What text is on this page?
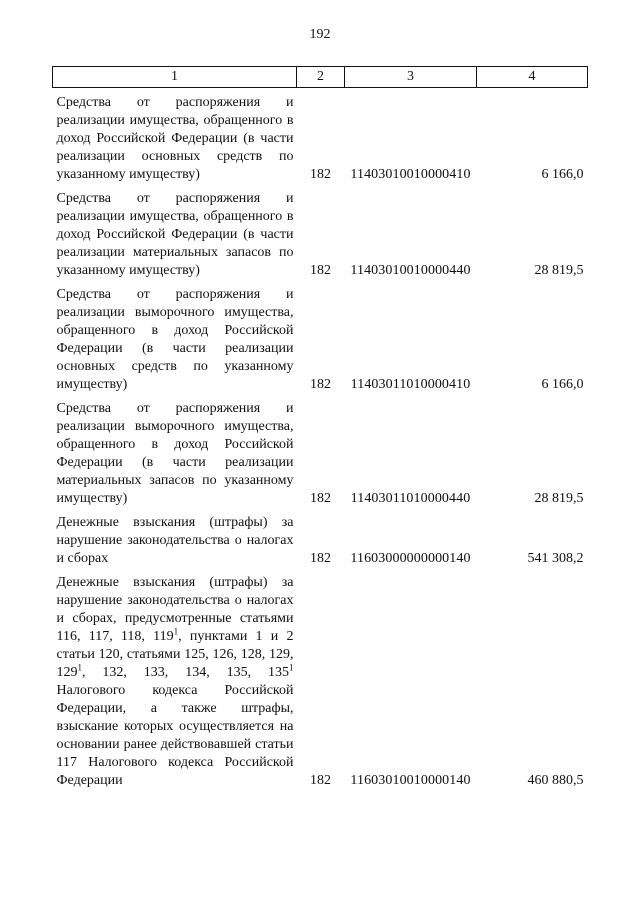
192
1	2	3	4
Средства от распоряжения и реализации имущества, обращенного в доход Российской Федерации (в части реализации основных средств по указанному имуществу)	182	11403010010000410	6 166,0
Средства от распоряжения и реализации имущества, обращенного в доход Российской Федерации (в части реализации материальных запасов по указанному имуществу)	182	11403010010000440	28 819,5
Средства от распоряжения и реализации выморочного имущества, обращенного в доход Российской Федерации (в части реализации основных средств по указанному имуществу)	182	11403011010000410	6 166,0
Средства от распоряжения и реализации выморочного имущества, обращенного в доход Российской Федерации (в части реализации материальных запасов по указанному имуществу)	182	11403011010000440	28 819,5
Денежные взыскания (штрафы) за нарушение законодательства о налогах и сборах	182	11603000000000140	541 308,2
Денежные взыскания (штрафы) за нарушение законодательства о налогах и сборах, предусмотренные статьями 116, 117, 118, $119^1$, пунктами 1 и 2 статьи 120, статьями 125, 126, 128, 129, $129^1$, 132, 133, 134, 135, $135^1$ Налогового кодекса Российской Федерации, а также штрафы, взыскание которых осуществляется на основании ранее действовавшей статьи 117 Налогового кодекса Российской Федерации	182	11603010010000140	460 880,5
